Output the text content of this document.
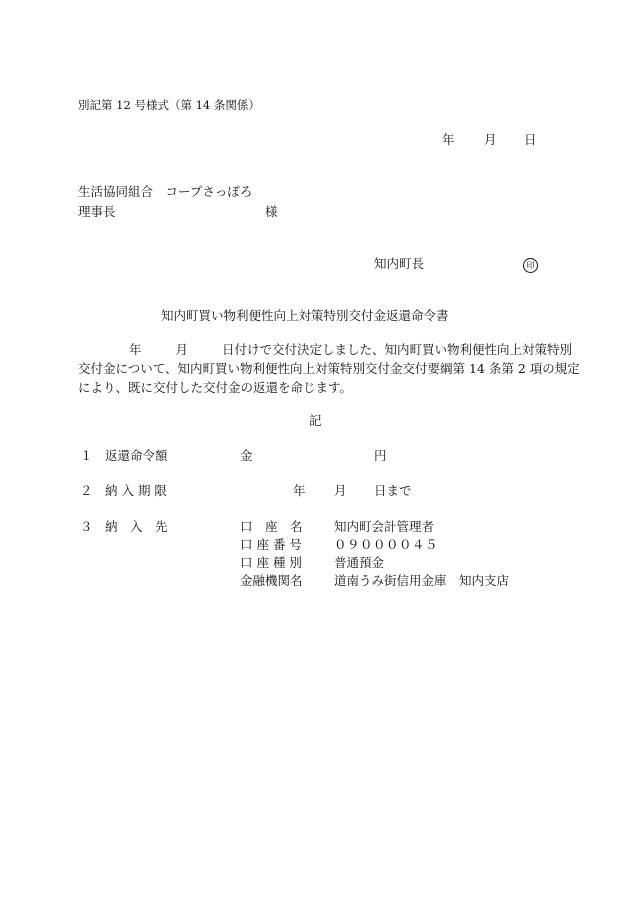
別記第 12 号様式（第 14 条関係）
年 月 日
生活協同組合　コープさっぽろ
理事長	様
知内町長	印
知内町買い物利便性向上対策特別交付金返還命令書
年	月	日付けで交付決定しました、知内町買い物利便性向上対策特別交付金について、知内町買い物利便性向上対策特別交付金交付要綱第 14 条第 2 項の規定により、既に交付した交付金の返還を命じます。
記
１ 返還命令額	金	円
２ 納 入 期 限	年 月 日まで
３ 納　入　先	口　座　名	知内町会計管理者
口 座 番 号	０９００００４５
口 座 種 別	普通預金
金融機関名	道南うみ街信用金庫　知内支店
